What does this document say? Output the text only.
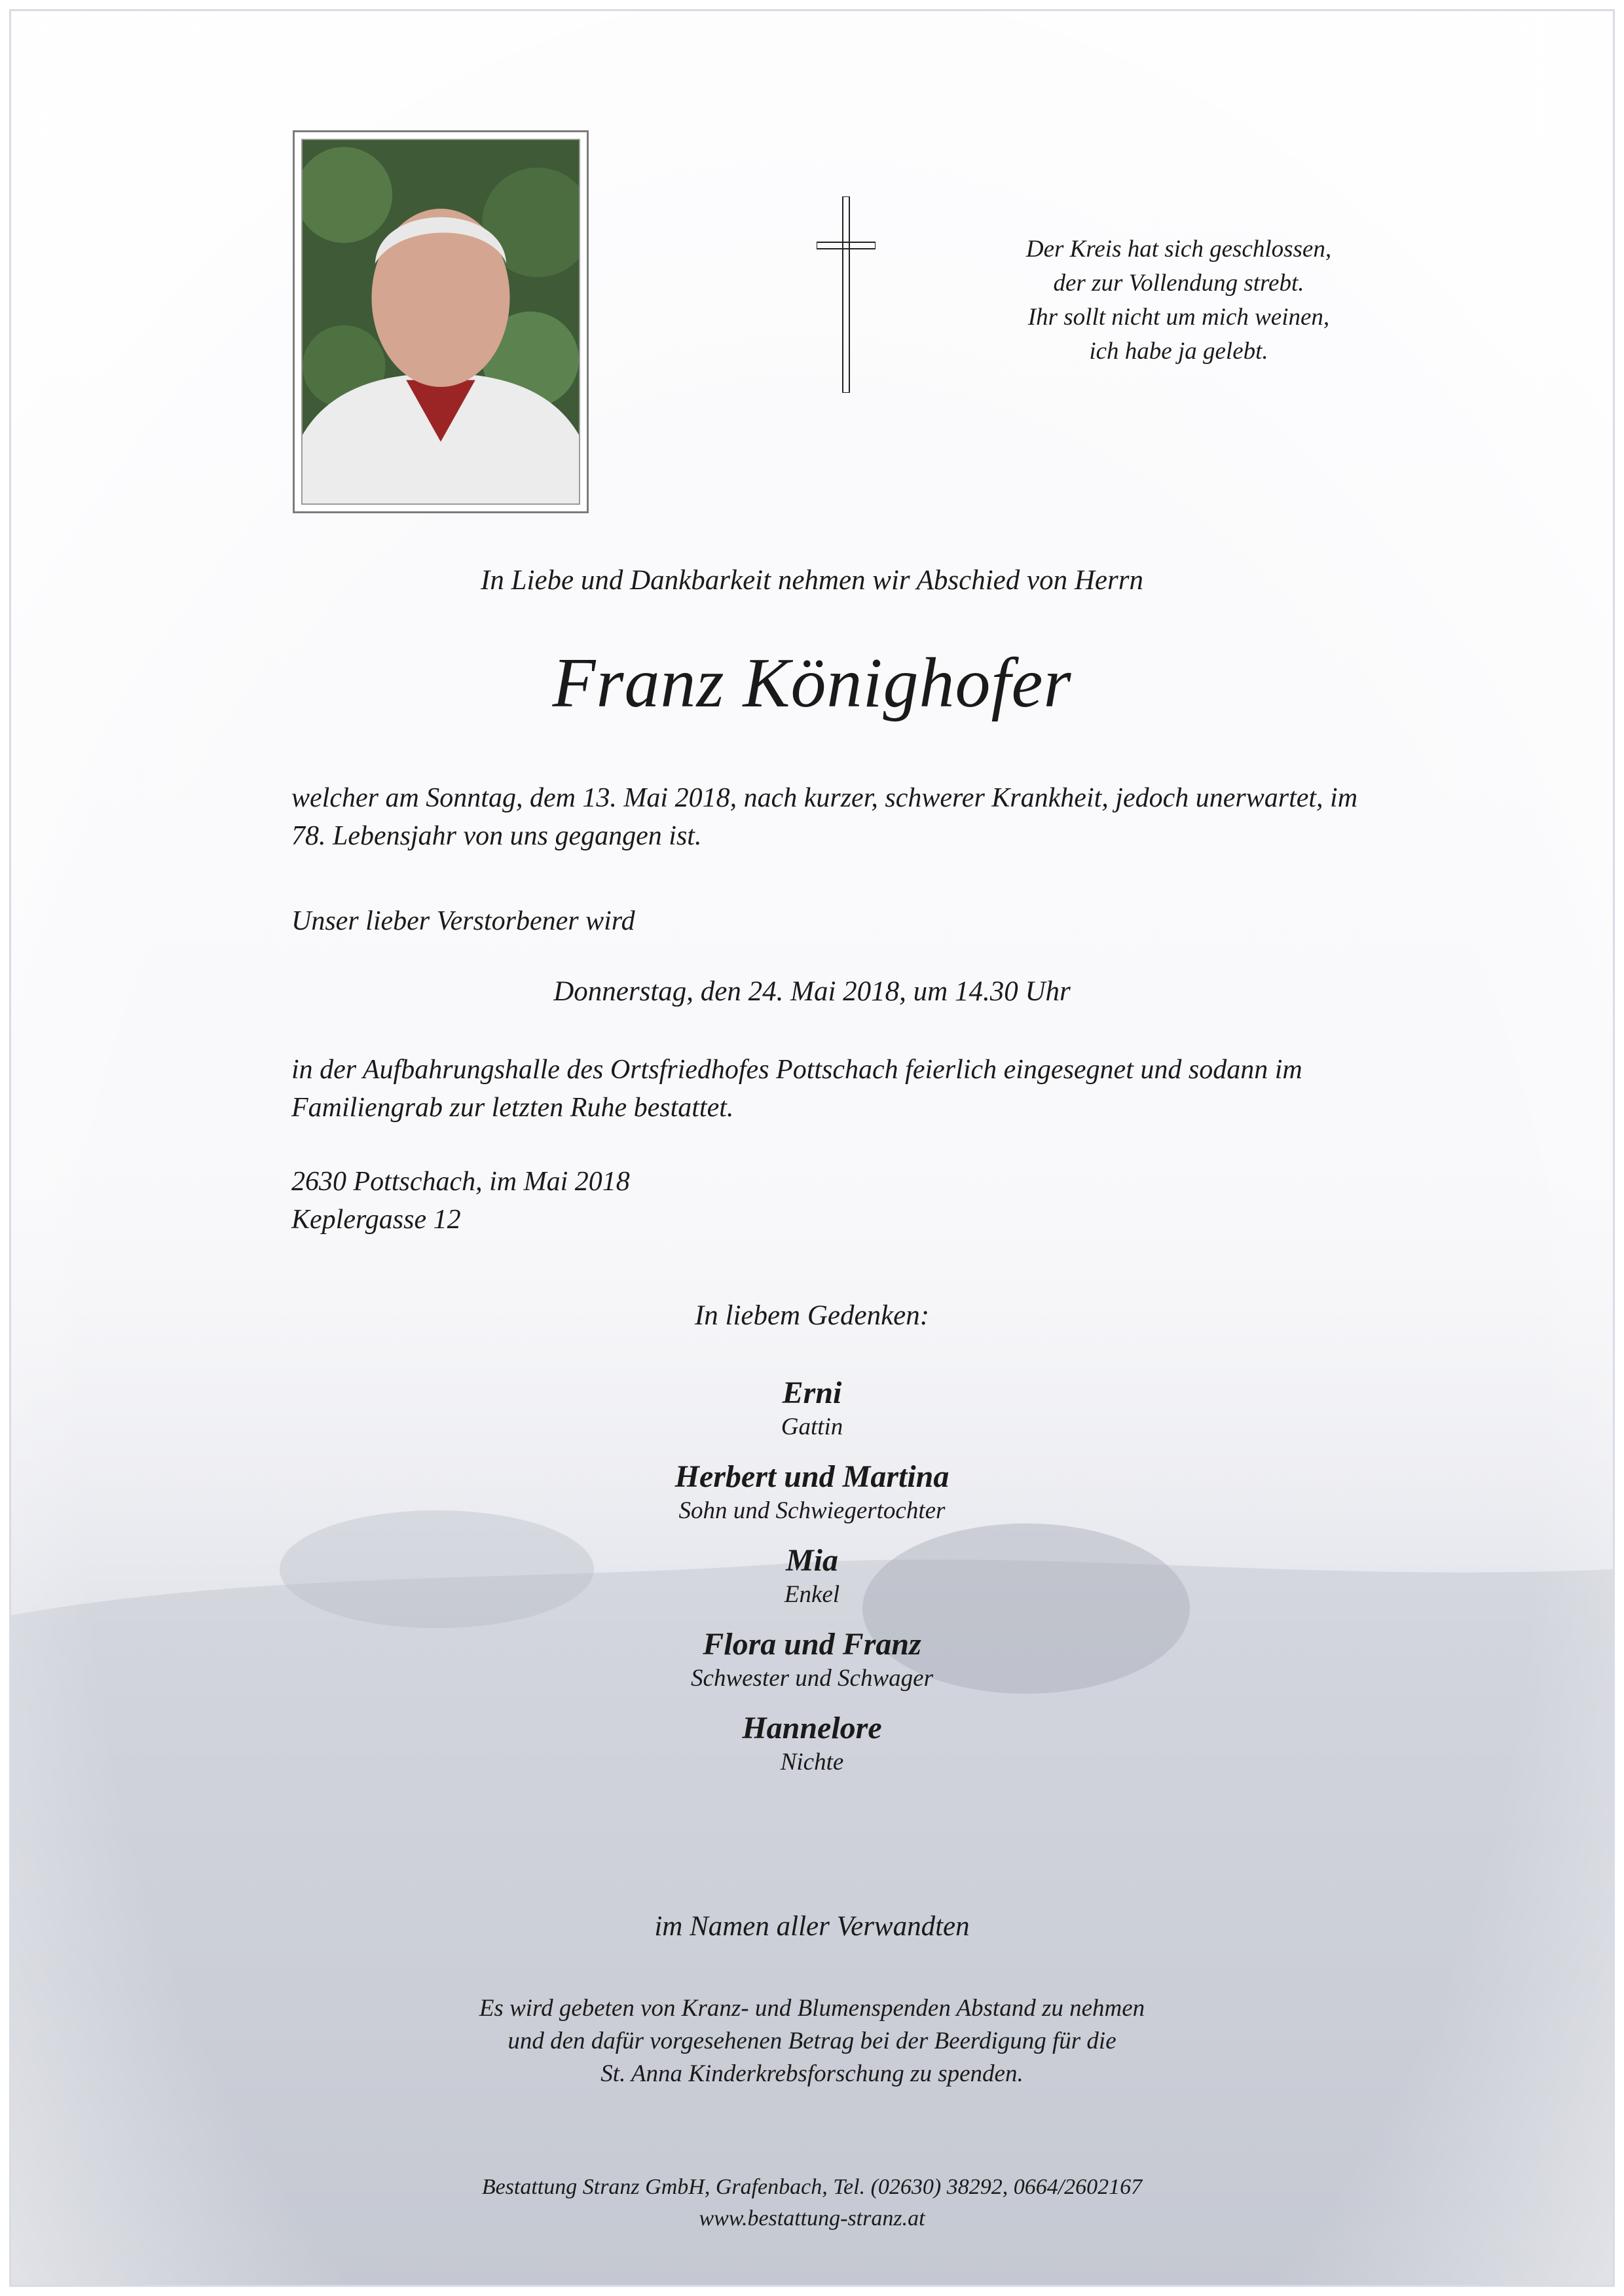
Der Kreis hat sich geschlossen,
der zur Vollendung strebt.
Ihr sollt nicht um mich weinen,
ich habe ja gelebt.
In Liebe und Dankbarkeit nehmen wir Abschied von Herrn
Franz Könighofer
welcher am Sonntag, dem 13. Mai 2018, nach kurzer, schwerer Krankheit, jedoch unerwartet, im 78. Lebensjahr von uns gegangen ist.
Unser lieber Verstorbener wird
Donnerstag, den 24. Mai 2018, um 14.30 Uhr
in der Aufbahrungshalle des Ortsfriedhofes Pottschach feierlich eingesegnet und sodann im Familiengrab zur letzten Ruhe bestattet.
2630 Pottschach, im Mai 2018
Keplergasse 12
In liebem Gedenken:
Erni
Gattin
Herbert und Martina
Sohn und Schwiegertochter
Mia
Enkel
Flora und Franz
Schwester und Schwager
Hannelore
Nichte
im Namen aller Verwandten
Es wird gebeten von Kranz- und Blumenspenden Abstand zu nehmen
und den dafür vorgesehenen Betrag bei der Beerdigung für die
St. Anna Kinderkrebsforschung zu spenden.
Bestattung Stranz GmbH, Grafenbach, Tel. (02630) 38292, 0664/2602167
www.bestattung-stranz.at
